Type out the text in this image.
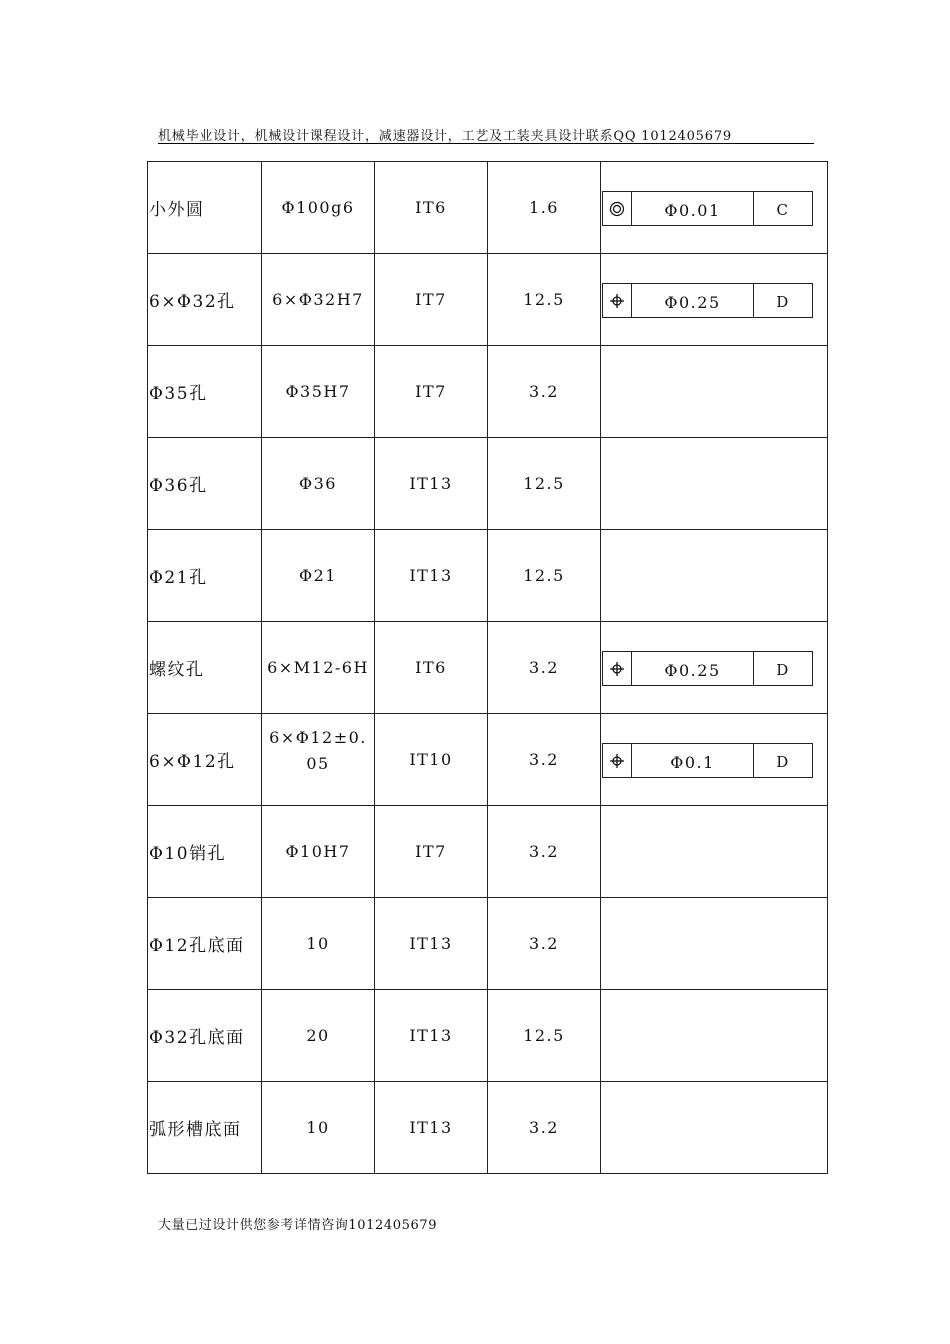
机械毕业设计，机械设计课程设计，减速器设计，工艺及工装夹具设计联系QQ 1012405679
小外圆	Φ100g6	IT6	1.6	Φ0.01 C

6×Φ32孔	6×Φ32H7	IT7	12.5	Φ0.25 D

Φ35孔	Φ35H7	IT7	3.2	
Φ36孔	Φ36	IT13	12.5	
Φ21孔	Φ21	IT13	12.5	
螺纹孔	6×M12-6H	IT6	3.2	Φ0.25 D

6×Φ12孔	6×Φ12±0.05	IT10	3.2	Φ0.1 D

Φ10销孔	Φ10H7	IT7	3.2	
Φ12孔底面	10	IT13	3.2	
Φ32孔底面	20	IT13	12.5	
弧形槽底面	10	IT13	3.2	
大量已过设计供您参考详情咨询1012405679
